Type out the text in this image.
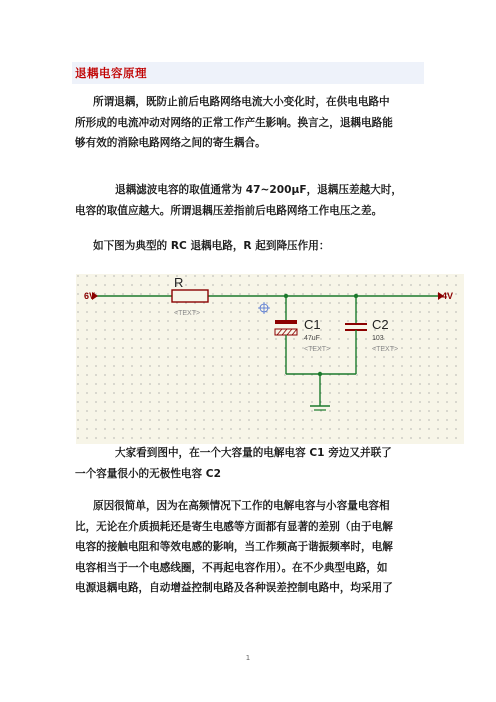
退耦电容原理
所谓退耦，既防止前后电路网络电流大小变化时，在供电电路中
所形成的电流冲动对网络的正常工作产生影响。换言之，退耦电路能
够有效的消除电路网络之间的寄生耦合。
退耦滤波电容的取值通常为 47~200μF，退耦压差越大时，
电容的取值应越大。所谓退耦压差指前后电路网络工作电压之差。
如下图为典型的 RC 退耦电路，R 起到降压作用：
6V	4V
R
<TEXT>
C1
47uF
<TEXT>
C2
103
<TEXT>
大家看到图中，在一个大容量的电解电容 C1 旁边又并联了
一个容量很小的无极性电容 C2
原因很简单，因为在高频情况下工作的电解电容与小容量电容相
比，无论在介质损耗还是寄生电感等方面都有显著的差别（由于电解
电容的接触电阻和等效电感的影响，当工作频高于谐振频率时，电解
电容相当于一个电感线圈，不再起电容作用）。在不少典型电路，如
电源退耦电路，自动增益控制电路及各种误差控制电路中，均采用了
1
